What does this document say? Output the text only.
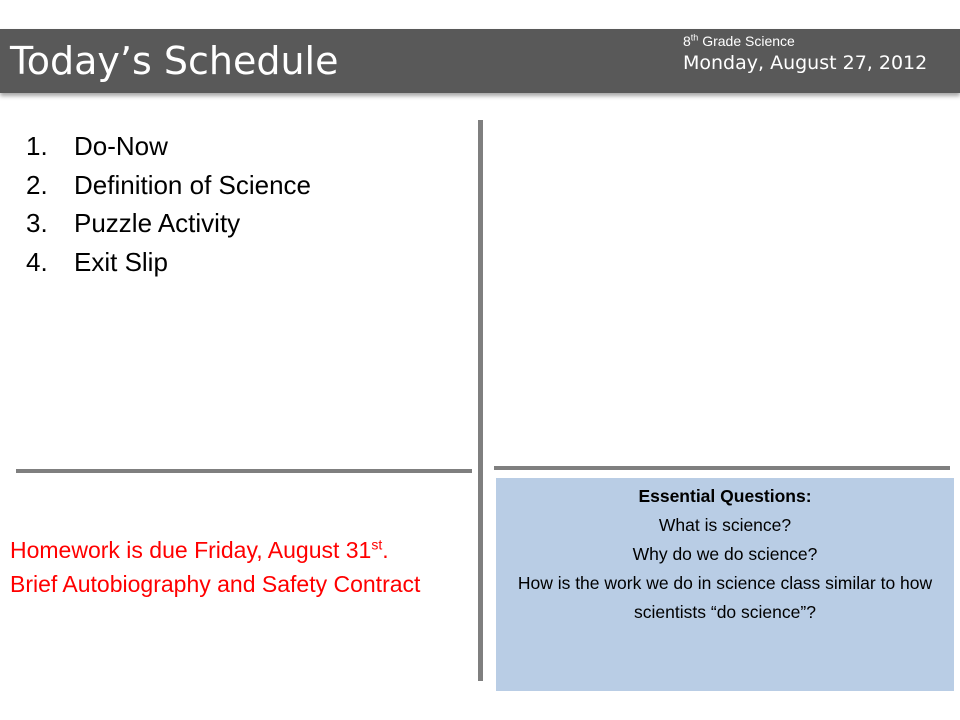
Today’s Schedule	8th Grade Science
Monday, August 27, 2012
1. Do-Now
2. Definition of Science
3. Puzzle Activity
4. Exit Slip
Homework is due Friday, August 31st.
Brief Autobiography and Safety Contract
Essential Questions:
What is science?
Why do we do science?
How is the work we do in science class similar to how scientists “do science”?
